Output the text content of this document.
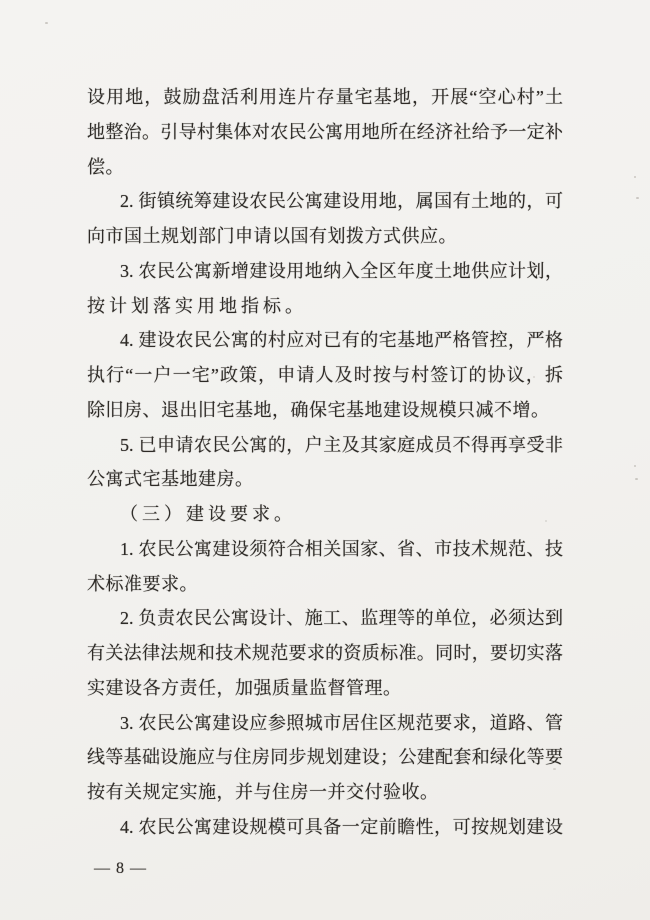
设用地，鼓励盘活利用连片存量宅基地，开展“空心村”土
地整治。引导村集体对农民公寓用地所在经济社给予一定补
偿。
2. 街镇统筹建设农民公寓建设用地，属国有土地的，可
向市国土规划部门申请以国有划拨方式供应。
3. 农民公寓新增建设用地纳入全区年度土地供应计划，
按计划落实用地指标。
4. 建设农民公寓的村应对已有的宅基地严格管控，严格
执行“一户一宅”政策，申请人及时按与村签订的协议，拆
除旧房、退出旧宅基地，确保宅基地建设规模只减不增。
5. 已申请农民公寓的，户主及其家庭成员不得再享受非
公寓式宅基地建房。
（三）建设要求。
1. 农民公寓建设须符合相关国家、省、市技术规范、技
术标准要求。
2. 负责农民公寓设计、施工、监理等的单位，必须达到
有关法律法规和技术规范要求的资质标准。同时，要切实落
实建设各方责任，加强质量监督管理。
3. 农民公寓建设应参照城市居住区规范要求，道路、管
线等基础设施应与住房同步规划建设；公建配套和绿化等要
按有关规定实施，并与住房一并交付验收。
4. 农民公寓建设规模可具备一定前瞻性，可按规划建设
— 8 —
